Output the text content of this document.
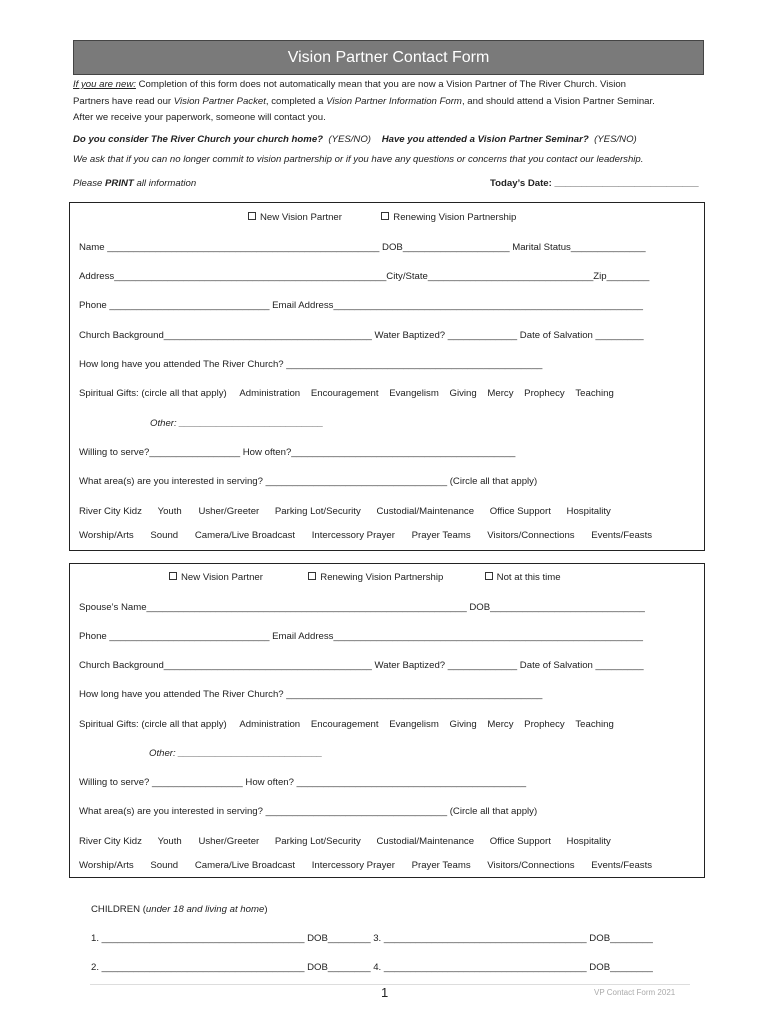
Vision Partner Contact Form
If you are new: Completion of this form does not automatically mean that you are now a Vision Partner of The River Church. Vision
Partners have read our Vision Partner Packet, completed a Vision Partner Information Form, and should attend a Vision Partner Seminar.
After we receive your paperwork, someone will contact you.
Do you consider The River Church your church home? (YES/NO) Have you attended a Vision Partner Seminar? (YES/NO)
We ask that if you can no longer commit to vision partnership or if you have any questions or concerns that you contact our leadership.
Please PRINT all information	Today’s Date: ___________________________
New Vision Partner	Renewing Vision Partnership
Name ___________________________________________________ DOB____________________ Marital Status______________
Address___________________________________________________City/State_______________________________Zip________
Phone ______________________________ Email Address__________________________________________________________
Church Background_______________________________________ Water Baptized? _____________ Date of Salvation _________
How long have you attended The River Church? ________________________________________________
Spiritual Gifts: (circle all that apply) Administration Encouragement Evangelism Giving Mercy Prophecy Teaching
Other: ___________________________
Willing to serve?_________________ How often?__________________________________________
What area(s) are you interested in serving? __________________________________ (Circle all that apply)
River City Kidz Youth Usher/Greeter Parking Lot/Security Custodial/Maintenance Office Support Hospitality
Worship/Arts Sound Camera/Live Broadcast Intercessory Prayer Prayer Teams Visitors/Connections Events/Feasts
New Vision Partner	Renewing Vision Partnership	Not at this time
Spouse’s Name____________________________________________________________ DOB_____________________________
Phone ______________________________ Email Address__________________________________________________________
Church Background_______________________________________ Water Baptized? _____________ Date of Salvation _________
How long have you attended The River Church? ________________________________________________
Spiritual Gifts: (circle all that apply) Administration Encouragement Evangelism Giving Mercy Prophecy Teaching
Other: ___________________________
Willing to serve? _________________ How often? ___________________________________________
What area(s) are you interested in serving? __________________________________ (Circle all that apply)
River City Kidz Youth Usher/Greeter Parking Lot/Security Custodial/Maintenance Office Support Hospitality
Worship/Arts Sound Camera/Live Broadcast Intercessory Prayer Prayer Teams Visitors/Connections Events/Feasts
CHILDREN (under 18 and living at home)
1. ______________________________________ DOB________ 3. ______________________________________ DOB________
2. ______________________________________ DOB________ 4. ______________________________________ DOB________
1	VP Contact Form 2021
